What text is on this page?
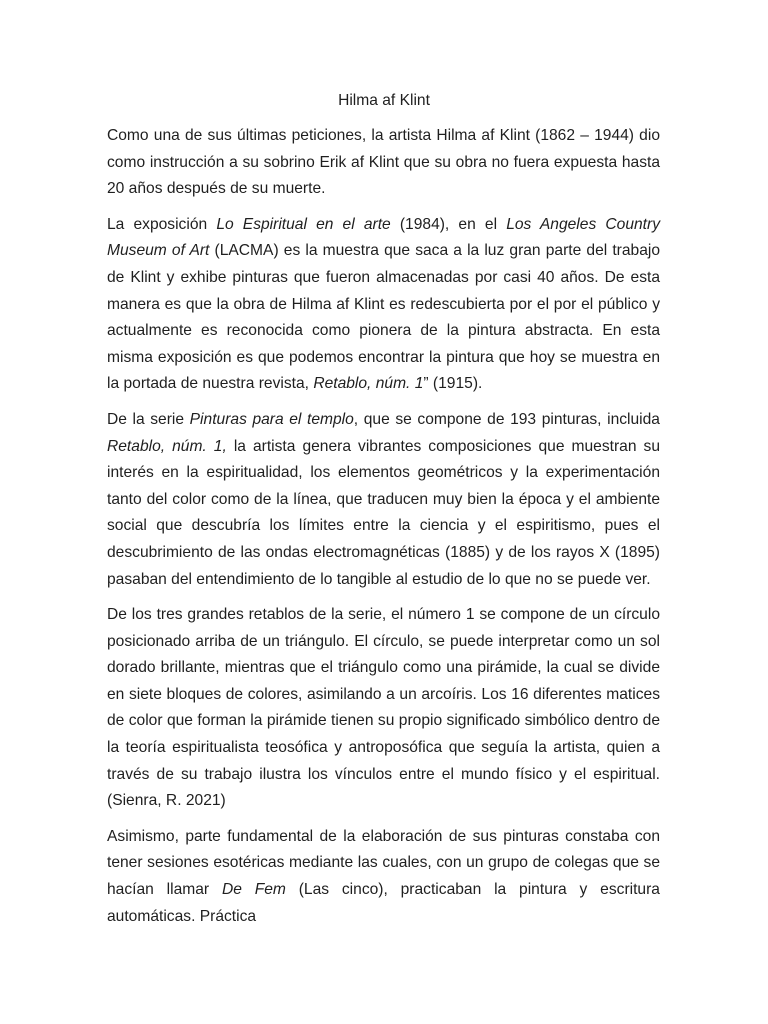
Hilma af Klint

Como una de sus últimas peticiones, la artista Hilma af Klint (1862 – 1944) dio como instrucción a su sobrino Erik af Klint que su obra no fuera expuesta hasta 20 años después de su muerte.

La exposición Lo Espiritual en el arte (1984), en el Los Angeles Country Museum of Art (LACMA) es la muestra que saca a la luz gran parte del trabajo de Klint y exhibe pinturas que fueron almacenadas por casi 40 años. De esta manera es que la obra de Hilma af Klint es redescubierta por el por el público y actualmente es reconocida como pionera de la pintura abstracta. En esta misma exposición es que podemos encontrar la pintura que hoy se muestra en la portada de nuestra revista, Retablo, núm. 1” (1915).

De la serie Pinturas para el templo, que se compone de 193 pinturas, incluida Retablo, núm. 1, la artista genera vibrantes composiciones que muestran su interés en la espiritualidad, los elementos geométricos y la experimentación tanto del color como de la línea, que traducen muy bien la época y el ambiente social que descubría los límites entre la ciencia y el espiritismo, pues el descubrimiento de las ondas electromagnéticas (1885) y de los rayos X (1895) pasaban del entendimiento de lo tangible al estudio de lo que no se puede ver.

De los tres grandes retablos de la serie, el número 1 se compone de un círculo posicionado arriba de un triángulo. El círculo, se puede interpretar como un sol dorado brillante, mientras que el triángulo como una pirámide, la cual se divide en siete bloques de colores, asimilando a un arcoíris. Los 16 diferentes matices de color que forman la pirámide tienen su propio significado simbólico dentro de la teoría espiritualista teosófica y antroposófica que seguía la artista, quien a través de su trabajo ilustra los vínculos entre el mundo físico y el espiritual. (Sienra, R. 2021)

Asimismo, parte fundamental de la elaboración de sus pinturas constaba con tener sesiones esotéricas mediante las cuales, con un grupo de colegas que se hacían llamar De Fem (Las cinco), practicaban la pintura y escritura automáticas. Práctica
